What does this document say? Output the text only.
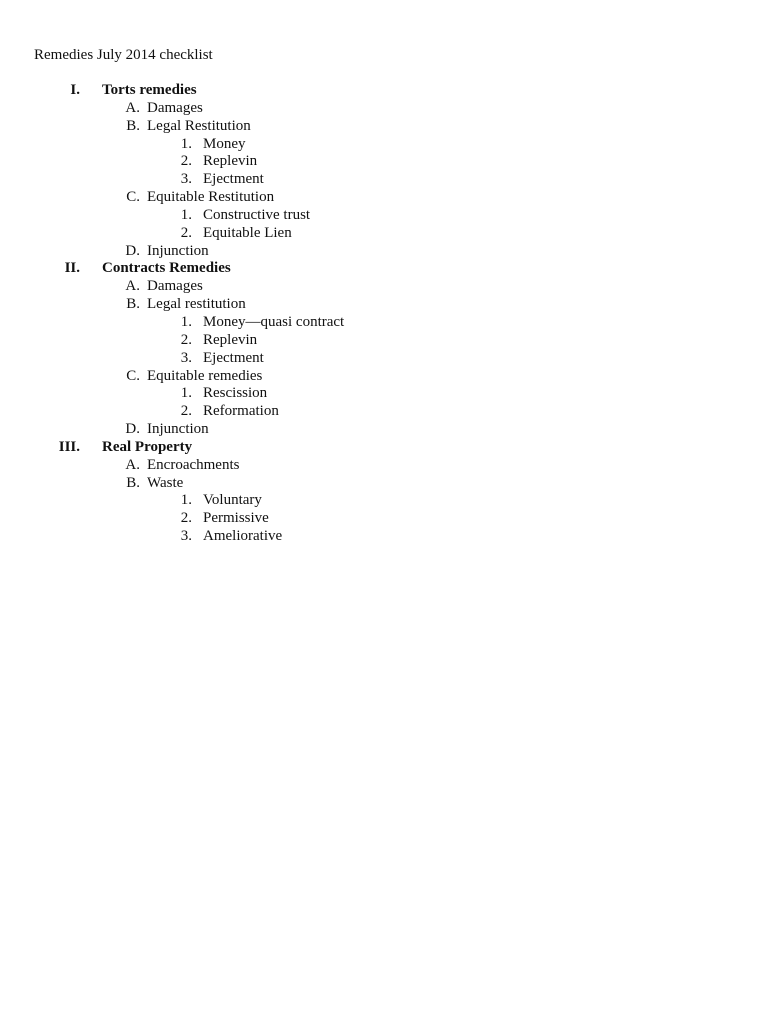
Remedies July 2014 checklist
I. Torts remedies
A. Damages
B. Legal Restitution
1. Money
2. Replevin
3. Ejectment
C. Equitable Restitution
1. Constructive trust
2. Equitable Lien
D. Injunction
II. Contracts Remedies
A. Damages
B. Legal restitution
1. Money—quasi contract
2. Replevin
3. Ejectment
C. Equitable remedies
1. Rescission
2. Reformation
D. Injunction
III. Real Property
A. Encroachments
B. Waste
1. Voluntary
2. Permissive
3. Ameliorative
